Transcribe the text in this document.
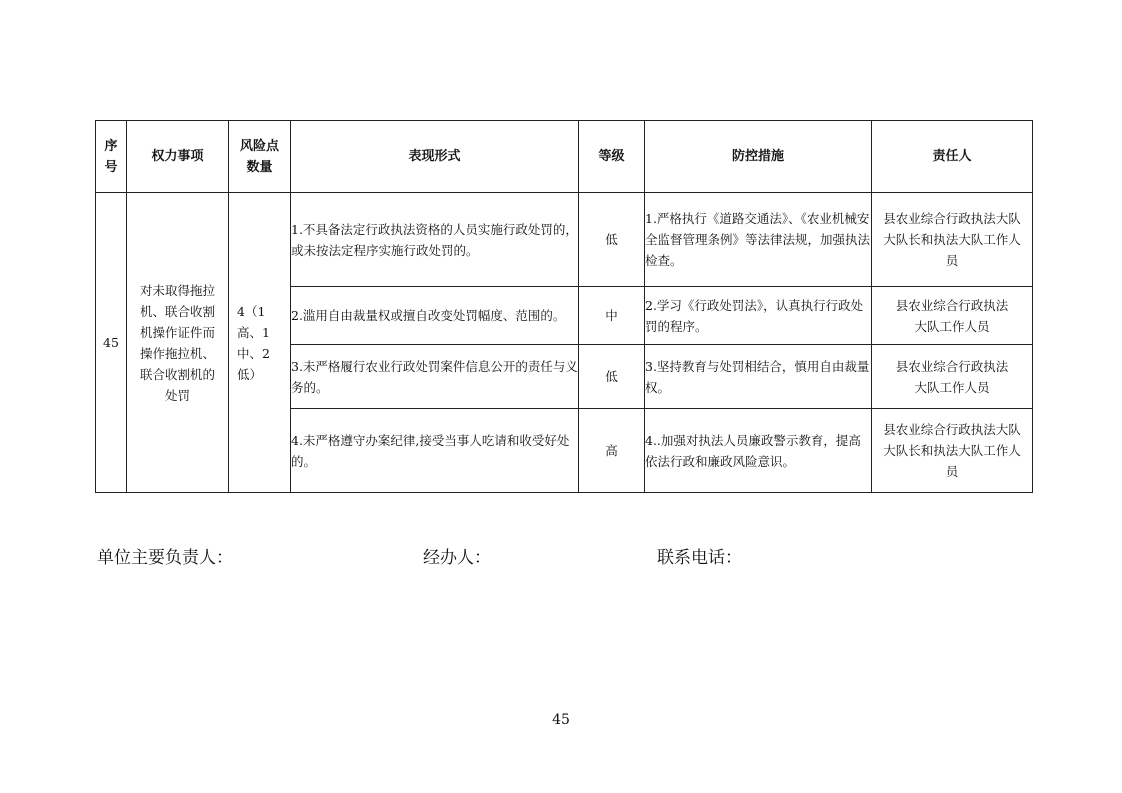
序号	权力事项	风险点数量	表现形式	等级	防控措施	责任人
45	对未取得拖拉机、联合收割机操作证件而操作拖拉机、联合收割机的处罚	4（1 高、1 中、2 低）	1.不具备法定行政执法资格的人员实施行政处罚的，或未按法定程序实施行政处罚的。	低	1.严格执行《道路交通法》、《农业机械安全监督管理条例》等法律法规，加强执法检查。	县农业综合行政执法大队大队长和执法大队工作人员
			2.滥用自由裁量权或擅自改变处罚幅度、范围的。	中	2.学习《行政处罚法》，认真执行行政处罚的程序。	县农业综合行政执法大队工作人员
			3.未严格履行农业行政处罚案件信息公开的责任与义务的。	低	3.坚持教育与处罚相结合，慎用自由裁量权。	县农业综合行政执法大队工作人员
			4.未严格遵守办案纪律,接受当事人吃请和收受好处的。	高	4..加强对执法人员廉政警示教育，提高依法行政和廉政风险意识。	县农业综合行政执法大队大队长和执法大队工作人员
单位主要负责人：	经办人：	联系电话：
45
